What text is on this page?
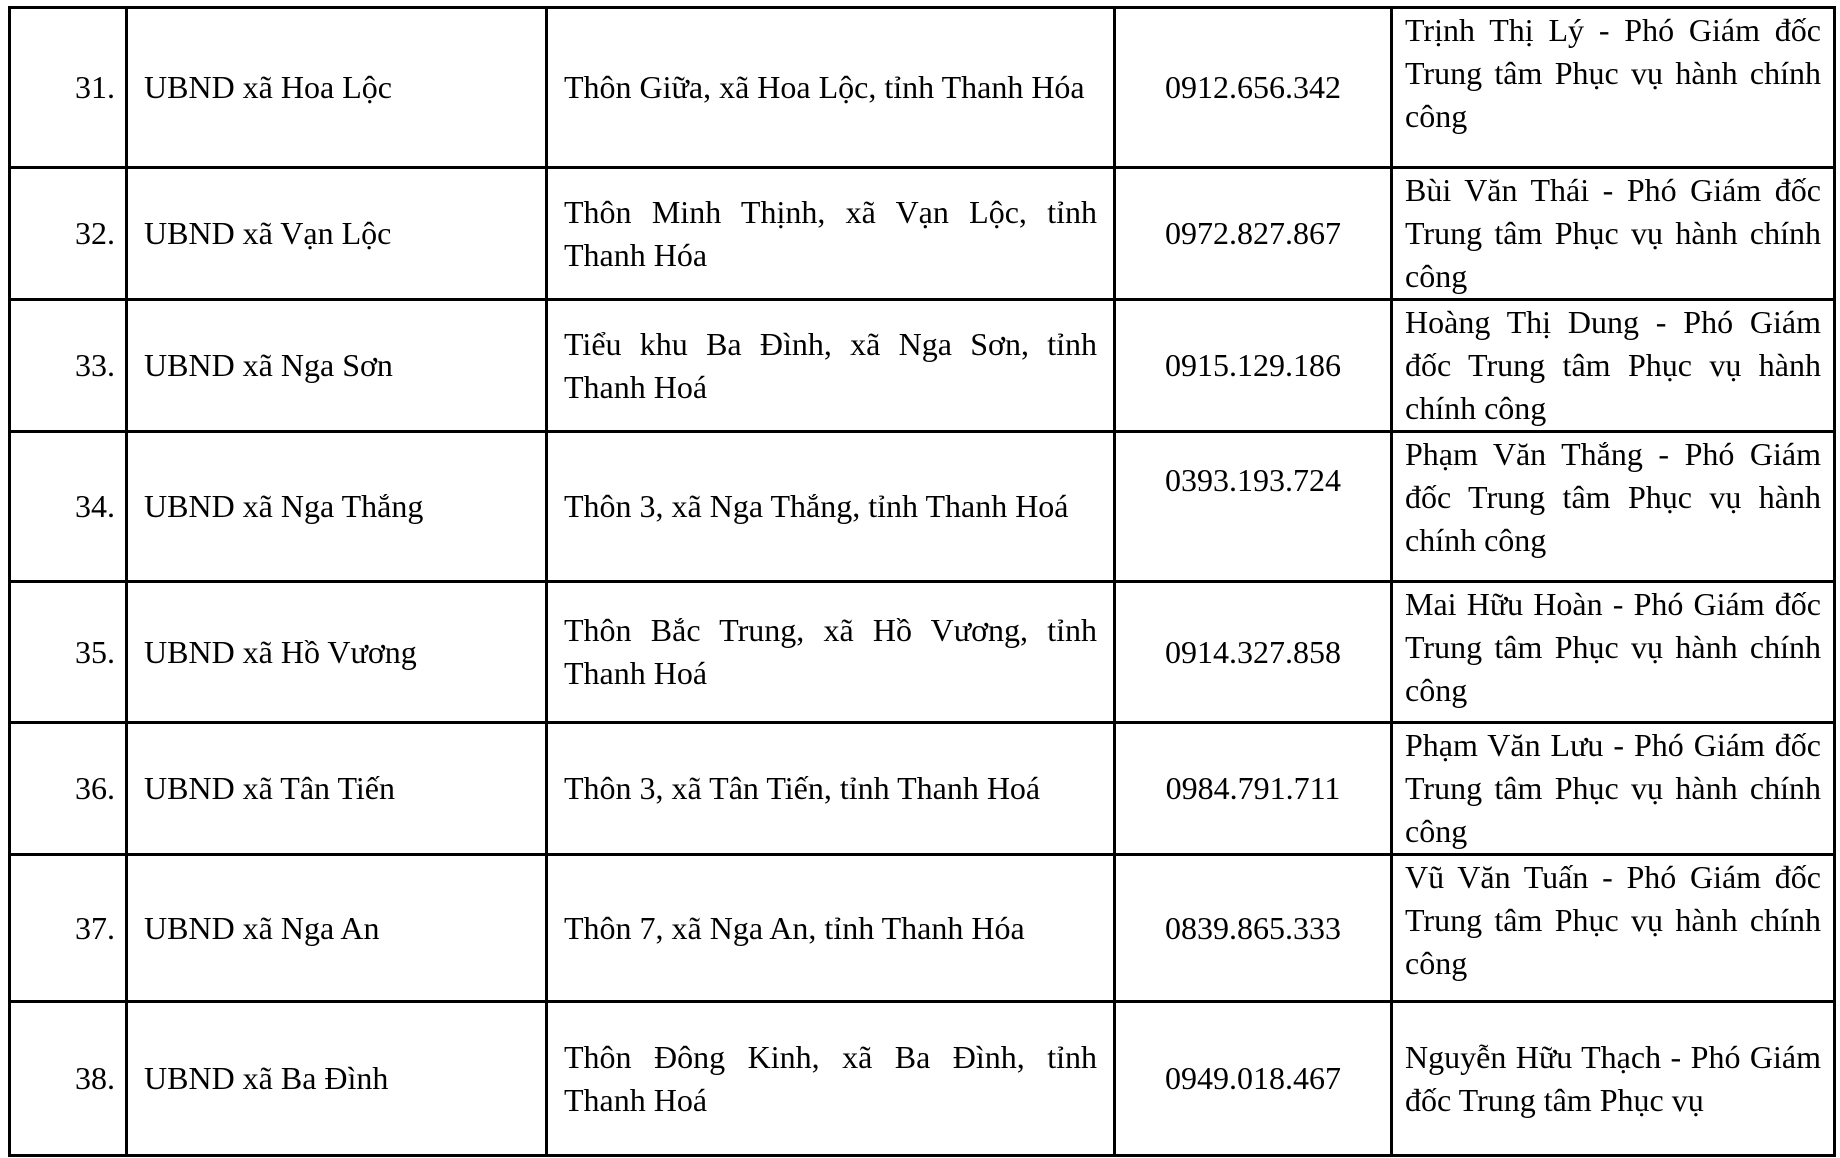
31.	UBND xã Hoa Lộc	Thôn Giữa, xã Hoa Lộc, tỉnh Thanh Hóa	0912.656.342	Trịnh Thị Lý - Phó Giám đốc Trung tâm Phục vụ hành chính công
32.	UBND xã Vạn Lộc	Thôn Minh Thịnh, xã Vạn Lộc, tỉnh Thanh Hóa	0972.827.867	Bùi Văn Thái - Phó Giám đốc Trung tâm Phục vụ hành chính công
33.	UBND xã Nga Sơn	Tiểu khu Ba Đình, xã Nga Sơn, tỉnh Thanh Hoá	0915.129.186	Hoàng Thị Dung - Phó Giám đốc Trung tâm Phục vụ hành chính công
34.	UBND xã Nga Thắng	Thôn 3, xã Nga Thắng, tỉnh Thanh Hoá	0393.193.724	Phạm Văn Thắng - Phó Giám đốc Trung tâm Phục vụ hành chính công
35.	UBND xã Hồ Vương	Thôn Bắc Trung, xã Hồ Vương, tỉnh Thanh Hoá	0914.327.858	Mai Hữu Hoàn - Phó Giám đốc Trung tâm Phục vụ hành chính công
36.	UBND xã Tân Tiến	Thôn 3, xã Tân Tiến, tỉnh Thanh Hoá	0984.791.711	Phạm Văn Lưu - Phó Giám đốc Trung tâm Phục vụ hành chính công
37.	UBND xã Nga An	Thôn 7, xã Nga An, tỉnh Thanh Hóa	0839.865.333	Vũ Văn Tuấn - Phó Giám đốc Trung tâm Phục vụ hành chính công
38.	UBND xã Ba Đình	Thôn Đông Kinh, xã Ba Đình, tỉnh Thanh Hoá	0949.018.467	Nguyễn Hữu Thạch - Phó Giám đốc Trung tâm Phục vụ
